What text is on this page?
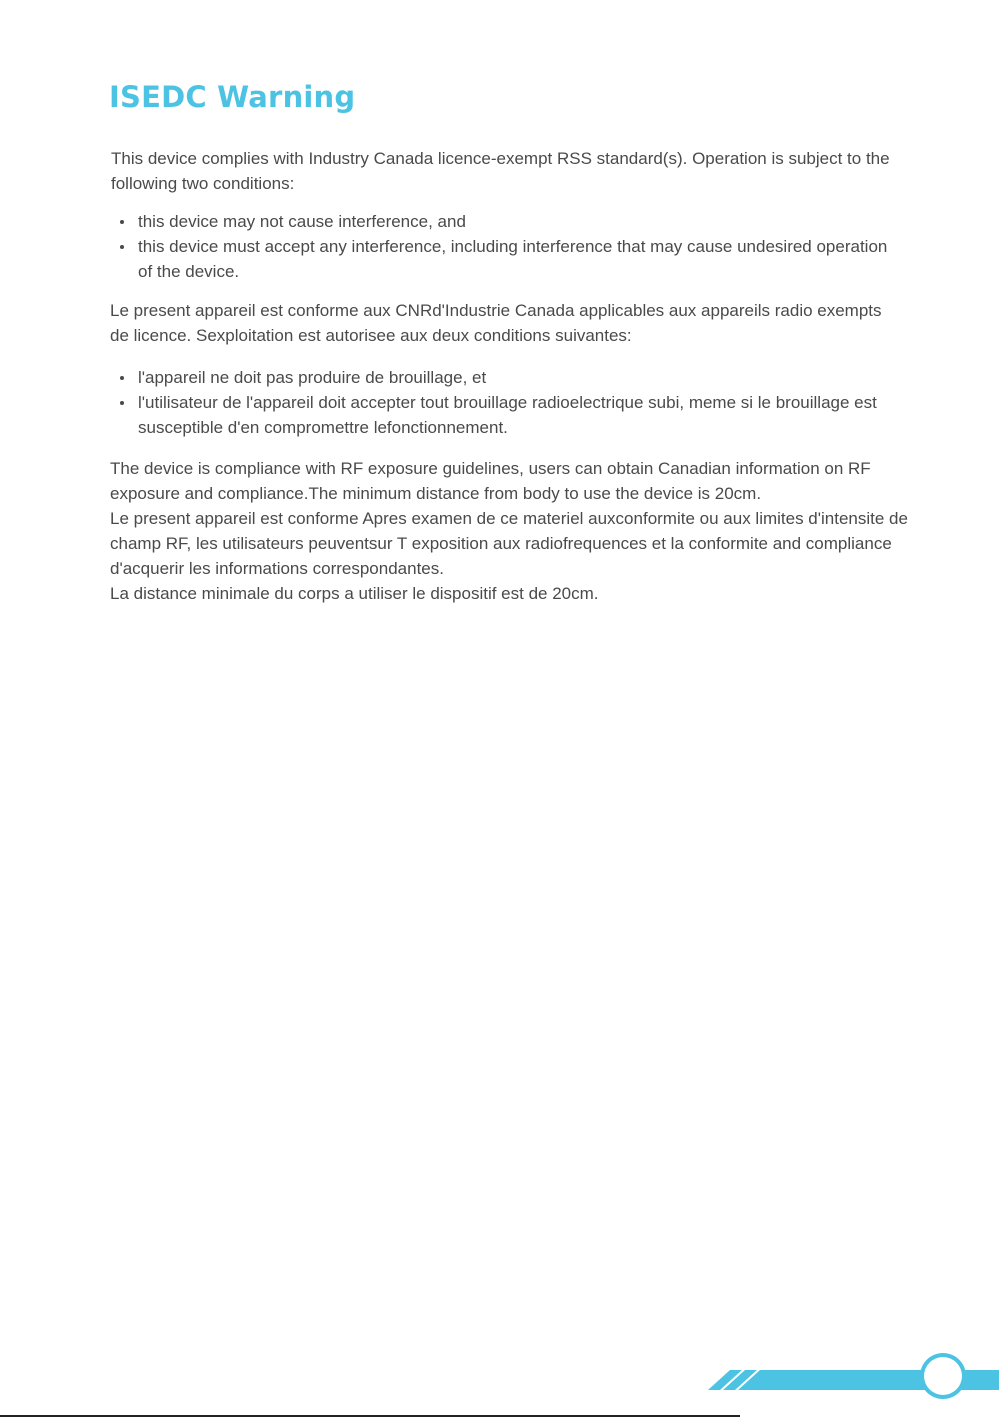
ISEDC Warning

This device complies with Industry Canada licence-exempt RSS standard(s). Operation is subject to the following two conditions:

this device may not cause interference, and
this device must accept any interference, including interference that may cause undesired operation of the device.

Le present appareil est conforme aux CNRd'Industrie Canada applicables aux appareils radio exempts de licence. Sexploitation est autorisee aux deux conditions suivantes:

l'appareil ne doit pas produire de brouillage, et
l'utilisateur de l'appareil doit accepter tout brouillage radioelectrique subi, meme si le brouillage est susceptible d'en compromettre lefonctionnement.
The device is compliance with RF exposure guidelines, users can obtain Canadian information on RF exposure and compliance.The minimum distance from body to use the device is 20cm.
Le present appareil est conforme Apres examen de ce materiel auxconformite ou aux limites d'intensite de champ RF, les utilisateurs peuventsur T exposition aux radiofrequences et la conformite and compliance d'acquerir les informations correspondantes.
La distance minimale du corps a utiliser le dispositif est de 20cm.
